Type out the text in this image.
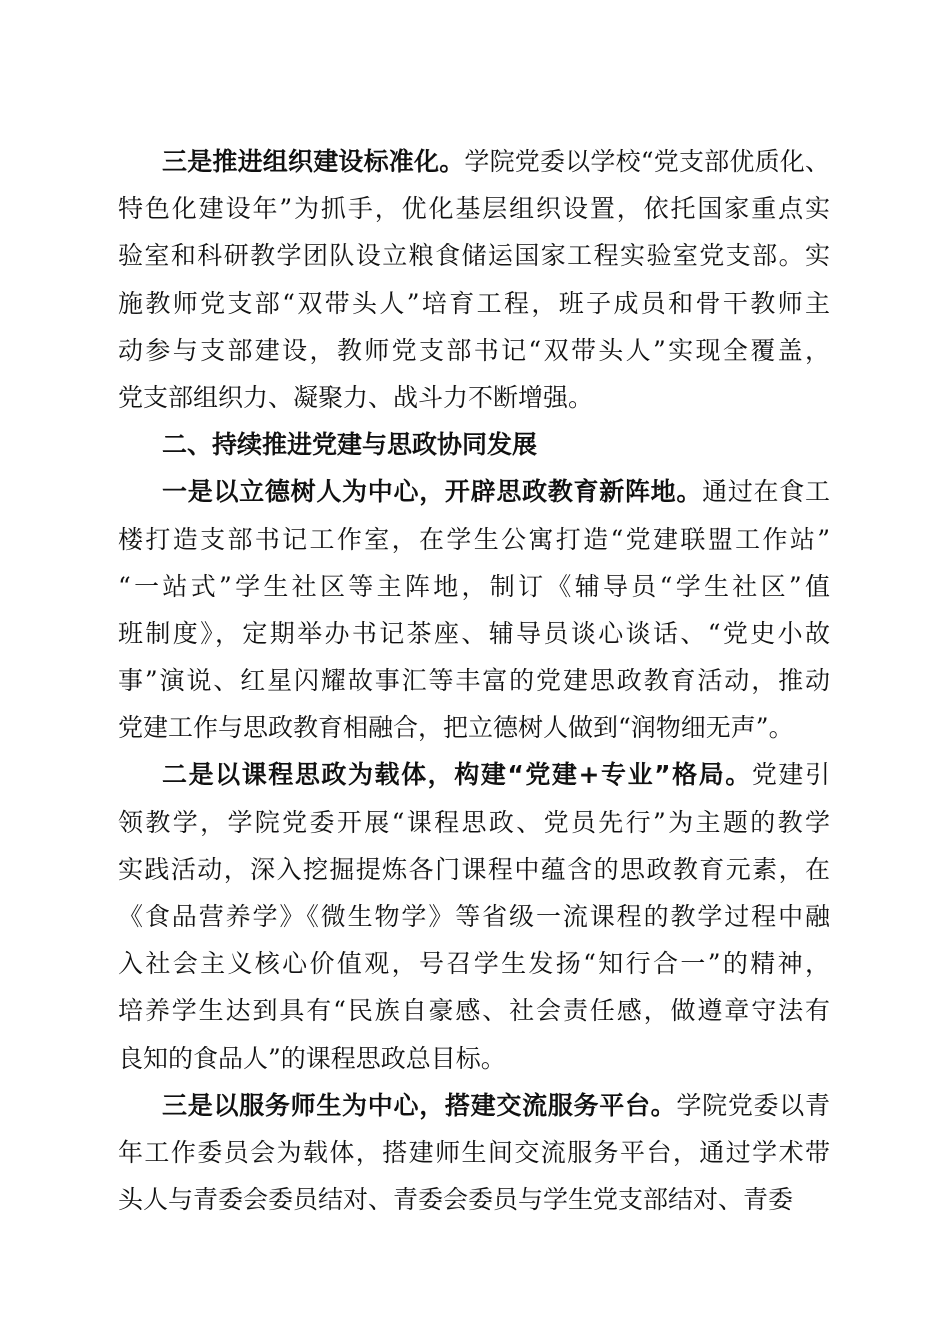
三是推进组织建设标准化。学院党委以学校“党支部优质化、
特色化建设年”为抓手，优化基层组织设置，依托国家重点实
验室和科研教学团队设立粮食储运国家工程实验室党支部。实
施教师党支部“双带头人”培育工程，班子成员和骨干教师主
动参与支部建设，教师党支部书记“双带头人”实现全覆盖，
党支部组织力、凝聚力、战斗力不断增强。
二、持续推进党建与思政协同发展
一是以立德树人为中心，开辟思政教育新阵地。通过在食工
楼打造支部书记工作室，在学生公寓打造“党建联盟工作站”
“一站式”学生社区等主阵地，制订《辅导员“学生社区”值
班制度》，定期举办书记茶座、辅导员谈心谈话、“党史小故
事”演说、红星闪耀故事汇等丰富的党建思政教育活动，推动
党建工作与思政教育相融合，把立德树人做到“润物细无声”。
二是以课程思政为载体，构建“党建+专业”格局。党建引
领教学，学院党委开展“课程思政、党员先行”为主题的教学
实践活动，深入挖掘提炼各门课程中蕴含的思政教育元素，在
《食品营养学》《微生物学》等省级一流课程的教学过程中融
入社会主义核心价值观，号召学生发扬“知行合一”的精神，
培养学生达到具有“民族自豪感、社会责任感，做遵章守法有
良知的食品人”的课程思政总目标。
三是以服务师生为中心，搭建交流服务平台。学院党委以青
年工作委员会为载体，搭建师生间交流服务平台，通过学术带
头人与青委会委员结对、青委会委员与学生党支部结对、青委
